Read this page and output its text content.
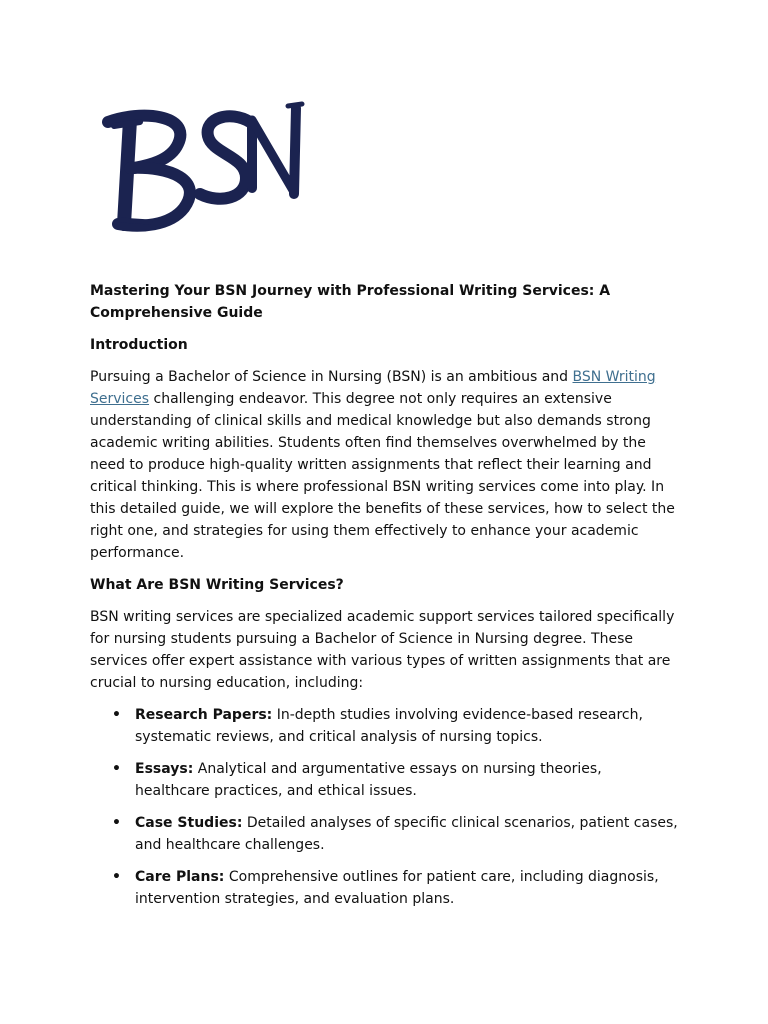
Mastering Your BSN Journey with Professional Writing Services: A Comprehensive Guide

Introduction

Pursuing a Bachelor of Science in Nursing (BSN) is an ambitious and BSN Writing Services challenging endeavor. This degree not only requires an extensive understanding of clinical skills and medical knowledge but also demands strong academic writing abilities. Students often find themselves overwhelmed by the need to produce high-quality written assignments that reflect their learning and critical thinking. This is where professional BSN writing services come into play. In this detailed guide, we will explore the benefits of these services, how to select the right one, and strategies for using them effectively to enhance your academic performance.

What Are BSN Writing Services?

BSN writing services are specialized academic support services tailored specifically for nursing students pursuing a Bachelor of Science in Nursing degree. These services offer expert assistance with various types of written assignments that are crucial to nursing education, including:

• Research Papers: In-depth studies involving evidence-based research, systematic reviews, and critical analysis of nursing topics.
• Essays: Analytical and argumentative essays on nursing theories, healthcare practices, and ethical issues.
• Case Studies: Detailed analyses of specific clinical scenarios, patient cases, and healthcare challenges.
• Care Plans: Comprehensive outlines for patient care, including diagnosis, intervention strategies, and evaluation plans.
